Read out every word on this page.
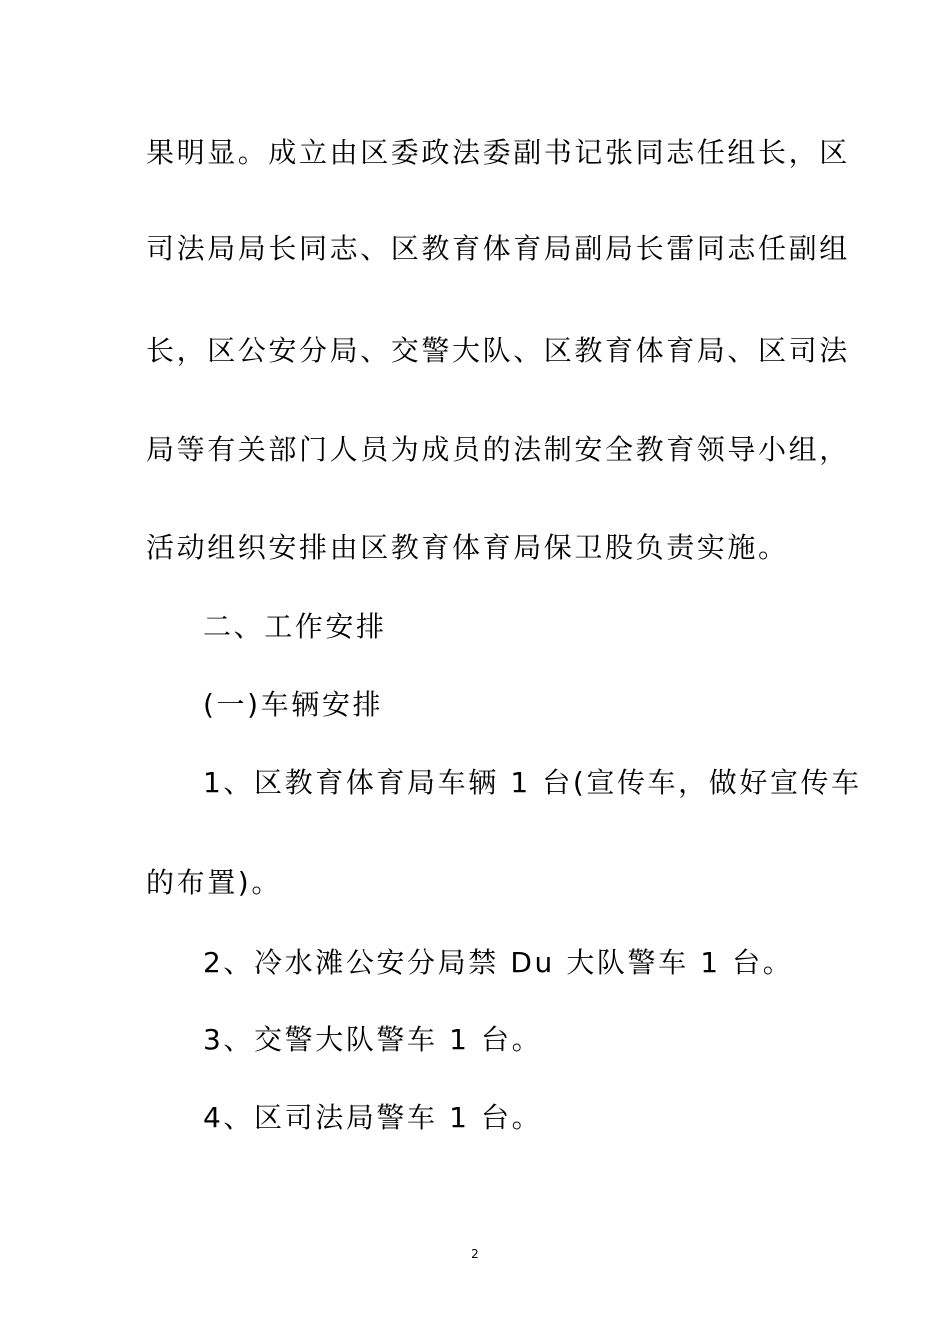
果明显。成立由区委政法委副书记张同志任组长，区
司法局局长同志、区教育体育局副局长雷同志任副组
长，区公安分局、交警大队、区教育体育局、区司法
局等有关部门人员为成员的法制安全教育领导小组，
活动组织安排由区教育体育局保卫股负责实施。
二、工作安排
(一)车辆安排
1、区教育体育局车辆 1 台(宣传车，做好宣传车
的布置)。
2、冷水滩公安分局禁 Du 大队警车 1 台。
3、交警大队警车 1 台。
4、区司法局警车 1 台。
2
